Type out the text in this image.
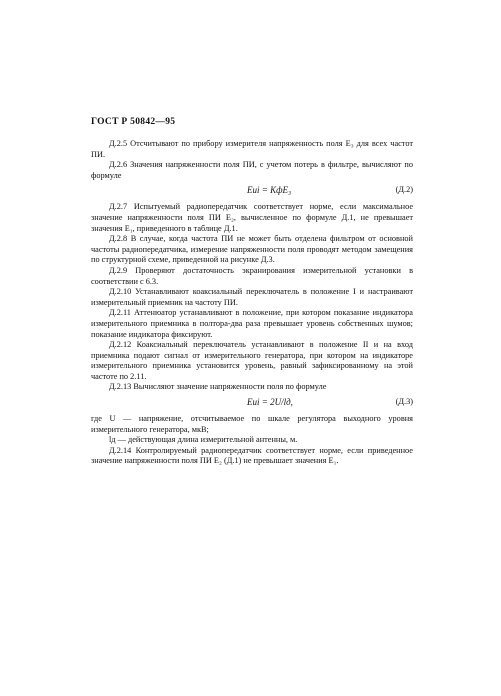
ГОСТ Р 50842—95

Д.2.5 Отсчитывают по прибору измерителя напряженность поля E₃ для всех частот ПИ.

Д.2.6 Значения напряженности поля ПИ, с учетом потерь в фильтре, вычисляют по формуле

Eиi = KфE₃	(Д.2)

Д.2.7 Испытуемый радиопередатчик соответствует норме, если максимальное значение напряженности поля ПИ E₂, вычисленное по формуле Д.1, не превышает значения E₁, приведенного в таблице Д.1.

Д.2.8 В случае, когда частота ПИ не может быть отделена фильтром от основной частоты радиопередатчика, измерение напряженности поля проводят методом замещения по структурной схеме, приведенной на рисунке Д.3.

Д.2.9 Проверяют достаточность экранирования измерительной установки в соответствии с 6.3.

Д.2.10 Устанавливают коаксиальный переключатель в положение I и настраивают измерительный приемник на частоту ПИ.

Д.2.11 Аттенюатор устанавливают в положение, при котором показание индикатора измерительного приемника в полтора-два раза превышает уровень собственных шумов; показание индикатора фиксируют.

Д.2.12 Коаксиальный переключатель устанавливают в положение II и на вход приемника подают сигнал от измерительного генератора, при котором на индикаторе измерительного приемника установится уровень, равный зафиксированному на этой частоте по 2.11.

Д.2.13 Вычисляют значение напряженности поля по формуле

Eиi = 2U/lд,	(Д.3)

где U — напряжение, отсчитываемое по шкале регулятора выходного уровня измерительного генератора, мкВ;

lд — действующая длина измерительной антенны, м.

Д.2.14 Контролируемый радиопередатчик соответствует норме, если приведенное значение напряженности поля ПИ E₂ (Д.1) не превышает значения E₁.
